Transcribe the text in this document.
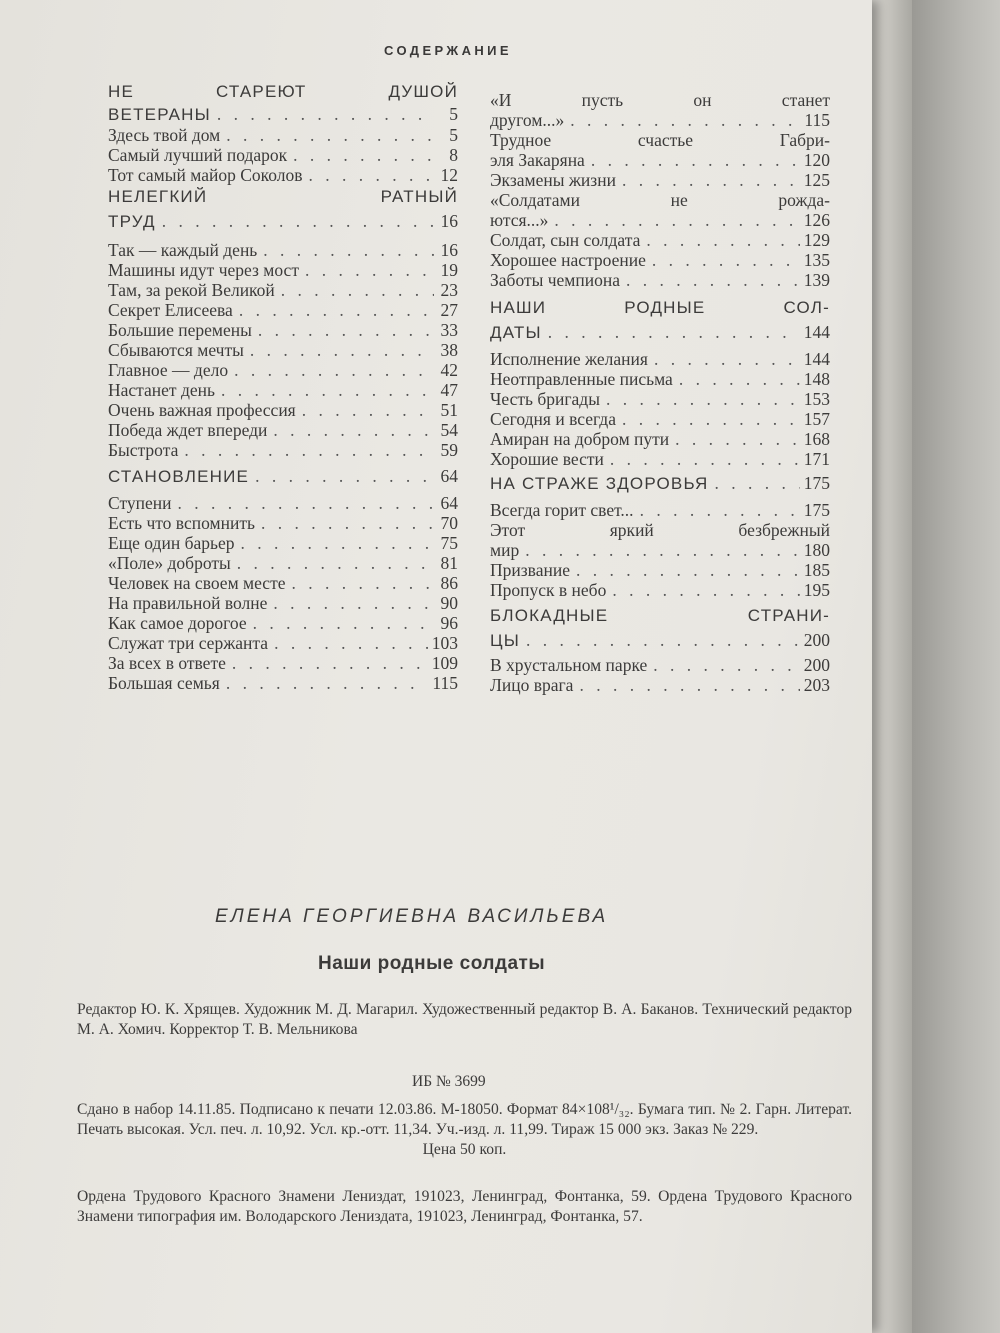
СОДЕРЖАНИЕ
НЕ СТАРЕЮТ ДУШОЙ
ВЕТЕРАНЫ . . .	5
Здесь твой дом . . .	5
Самый лучший подарок . . .	8
Тот самый майор Соколов . . .	12
НЕЛЕГКИЙ РАТНЫЙ
ТРУД . . .	16
Так — каждый день . . .	16
Машины идут через мост . . .	19
Там, за рекой Великой . . .	23
Секрет Елисеева . . .	27
Большие перемены . . .	33
Сбываются мечты . . .	38
Главное — дело . . .	42
Настанет день . . .	47
Очень важная профессия . . .	51
Победа ждет впереди . . .	54
Быстрота . . .	59
СТАНОВЛЕНИЕ . . .	64
Ступени . . .	64
Есть что вспомнить . . .	70
Еще один барьер . . .	75
«Поле» доброты . . .	81
Человек на своем месте . . .	86
На правильной волне . . .	90
Как самое дорогое . . .	96
Служат три сержанта . . .	103
За всех в ответе . . .	109
Большая семья . . .	115
«И пусть он станет
другом...» . . .	115
Трудное счастье Габри-
эля Закаряна . . .	120
Экзамены жизни . . .	125
«Солдатами не рожда-
ются...» . . .	126
Солдат, сын солдата . . .	129
Хорошее настроение . . .	135
Заботы чемпиона . . .	139
НАШИ РОДНЫЕ СОЛ-
ДАТЫ . . .	144
Исполнение желания . . .	144
Неотправленные письма . . .	148
Честь бригады . . .	153
Сегодня и всегда . . .	157
Амиран на добром пути . . .	168
Хорошие вести . . .	171
НА СТРАЖЕ ЗДОРОВЬЯ . . .	175
Всегда горит свет... . . .	175
Этот яркий безбрежный
мир . . .	180
Призвание . . .	185
Пропуск в небо . . .	195
БЛОКАДНЫЕ СТРАНИ-
ЦЫ . . .	200
В хрустальном парке . . .	200
Лицо врага . . .	203
ЕЛЕНА ГЕОРГИЕВНА ВАСИЛЬЕВА
Наши родные солдаты

Редактор Ю. К. Хрящев. Художник М. Д. Магарил. Художественный редактор В. А. Баканов. Технический редактор М. А. Хомич. Корректор Т. В. Мельникова

ИБ № 3699

Сдано в набор 14.11.85. Подписано к печати 12.03.86. М-18050. Формат 84×108¹/₃₂. Бумага тип. № 2. Гарн. Литерат. Печать высокая. Усл. печ. л. 10,92. Усл. кр.-отт. 11,34. Уч.-изд. л. 11,99. Тираж 15 000 экз. Заказ № 229.

Цена 50 коп.

Ордена Трудового Красного Знамени Лениздат, 191023, Ленинград, Фонтанка, 59. Ордена Трудового Красного Знамени типография им. Володарского Лениздата, 191023, Ленинград, Фонтанка, 57.
